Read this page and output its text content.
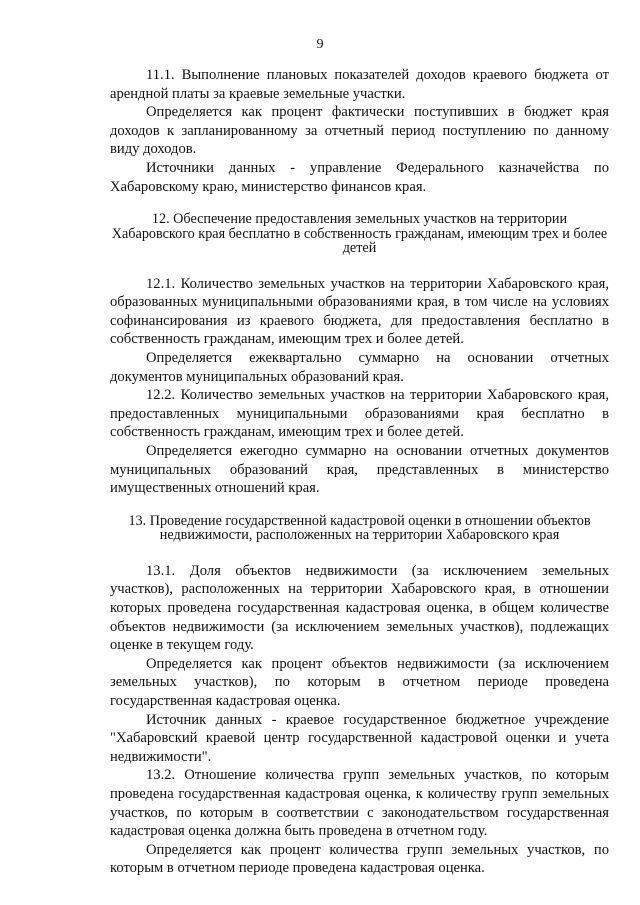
9

11.1. Выполнение плановых показателей доходов краевого бюджета от арендной платы за краевые земельные участки.

Определяется как процент фактически поступивших в бюджет края доходов к запланированному за отчетный период поступлению по данному виду доходов.

Источники данных - управление Федерального казначейства по Хабаровскому краю, министерство финансов края.

12. Обеспечение предоставления земельных участков на территории Хабаровского края бесплатно в собственность гражданам, имеющим трех и более детей

12.1. Количество земельных участков на территории Хабаровского края, образованных муниципальными образованиями края, в том числе на условиях софинансирования из краевого бюджета, для предоставления бесплатно в собственность гражданам, имеющим трех и более детей.

Определяется ежеквартально суммарно на основании отчетных документов муниципальных образований края.

12.2. Количество земельных участков на территории Хабаровского края, предоставленных муниципальными образованиями края бесплатно в собственность гражданам, имеющим трех и более детей.

Определяется ежегодно суммарно на основании отчетных документов муниципальных образований края, представленных в министерство имущественных отношений края.

13. Проведение государственной кадастровой оценки в отношении объектов недвижимости, расположенных на территории Хабаровского края

13.1. Доля объектов недвижимости (за исключением земельных участков), расположенных на территории Хабаровского края, в отношении которых проведена государственная кадастровая оценка, в общем количестве объектов недвижимости (за исключением земельных участков), подлежащих оценке в текущем году.

Определяется как процент объектов недвижимости (за исключением земельных участков), по которым в отчетном периоде проведена государственная кадастровая оценка.

Источник данных - краевое государственное бюджетное учреждение "Хабаровский краевой центр государственной кадастровой оценки и учета недвижимости".

13.2. Отношение количества групп земельных участков, по которым проведена государственная кадастровая оценка, к количеству групп земельных участков, по которым в соответствии с законодательством государственная кадастровая оценка должна быть проведена в отчетном году.

Определяется как процент количества групп земельных участков, по которым в отчетном периоде проведена кадастровая оценка.
